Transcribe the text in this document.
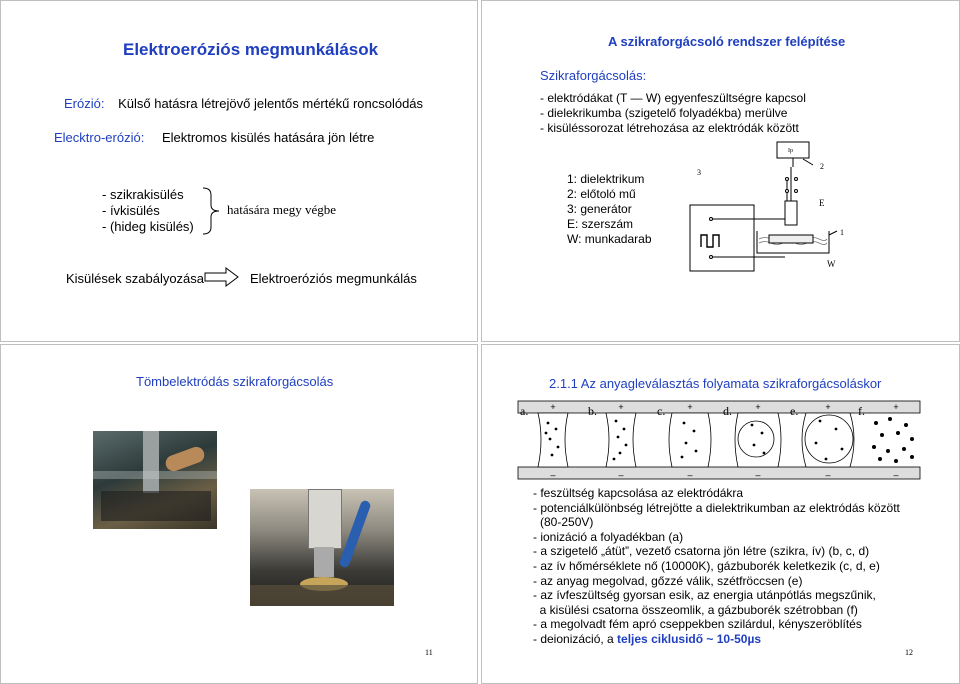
Elektroeróziós megmunkálások
Erózió: Külső hatásra létrejövő jelentős mértékű roncsolódás
Elecktro-erózió: Elektromos kisülés hatására jön létre
- szikrakisülés
- ívkisülés
- (hideg kisülés)
hatására megy végbe
Kisülések szabályozása	Elektroeróziós megmunkálás
A szikraforgácsoló rendszer felépítése
Szikraforgácsolás:
- elektródákat (T — W) egyenfeszültségre kapcsol
- dielekrikumba (szigetelő folyadékba) merülve
- kisüléssorozat létrehozása az elektródák között
1: dielektrikum
2: előtoló mű
3: generátor
E: szerszám
W: munkadarab
Ip
3
2
E
1
W
Tömbelektródás szikraforgácsolás
11
2.1.1 Az anyagleválasztás folyamata szikraforgácsoláskor
+	+	+	+	+	+
–	–	–	–	–	–
a.	b.	c.	d.	e.	f.
- feszültség kapcsolása az elektródákra
- potenciálkülönbség létrejötte a dielektrikumban az elektródás között
(80-250V)
- ionizáció a folyadékban (a)
- a szigetelő „átüt”, vezető csatorna jön létre (szikra, ív) (b, c, d)
- az ív hőmérséklete nő (10000K), gázbuborék keletkezik (c, d, e)
- az anyag megolvad, gőzzé válik, szétfröccsen (e)
- az ívfeszültség gyorsan esik, az energia utánpótlás megszűnik,
a kisülési csatorna összeomlik, a gázbuborék szétrobban (f)
- a megolvadt fém apró cseppekben szilárdul, kényszeröblítés
- deionizáció, a teljes ciklusidő ~ 10-50µs
12
